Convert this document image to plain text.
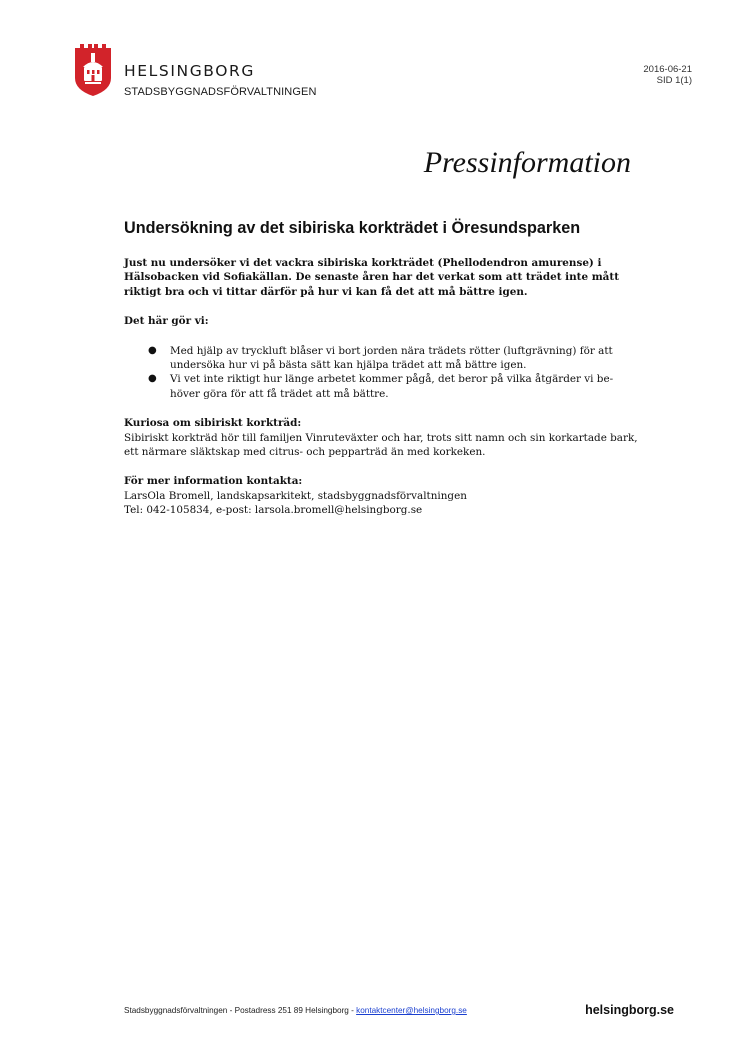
HELSINGBORG
STADSBYGGNADSFÖRVALTNINGEN
2016-06-21
SID 1(1)
Pressinformation
Undersökning av det sibiriska korkträdet i Öresundsparken

Just nu undersöker vi det vackra sibiriska korkträdet (Phellodendron amurense) i
Hälsobacken vid Sofiakällan. De senaste åren har det verkat som att trädet inte mått
riktigt bra och vi tittar därför på hur vi kan få det att må bättre igen.

Det här gör vi:

● Med hjälp av tryckluft blåser vi bort jorden nära trädets rötter (luftgrävning) för att
undersöka hur vi på bästa sätt kan hjälpa trädet att må bättre igen.
● Vi vet inte riktigt hur länge arbetet kommer pågå, det beror på vilka åtgärder vi be-
höver göra för att få trädet att må bättre.

Kuriosa om sibiriskt korkträd:

Sibiriskt korkträd hör till familjen Vinruteväxter och har, trots sitt namn och sin korkartade bark,
ett närmare släktskap med citrus- och pepparträd än med korkeken.

För mer information kontakta:

LarsOla Bromell, landskapsarkitekt, stadsbyggnadsförvaltningen
Tel: 042-105834, e-post: larsola.bromell@helsingborg.se

Stadsbyggnadsförvaltningen - Postadress 251 89 Helsingborg - kontaktcenter@helsingborg.se	helsingborg.se
